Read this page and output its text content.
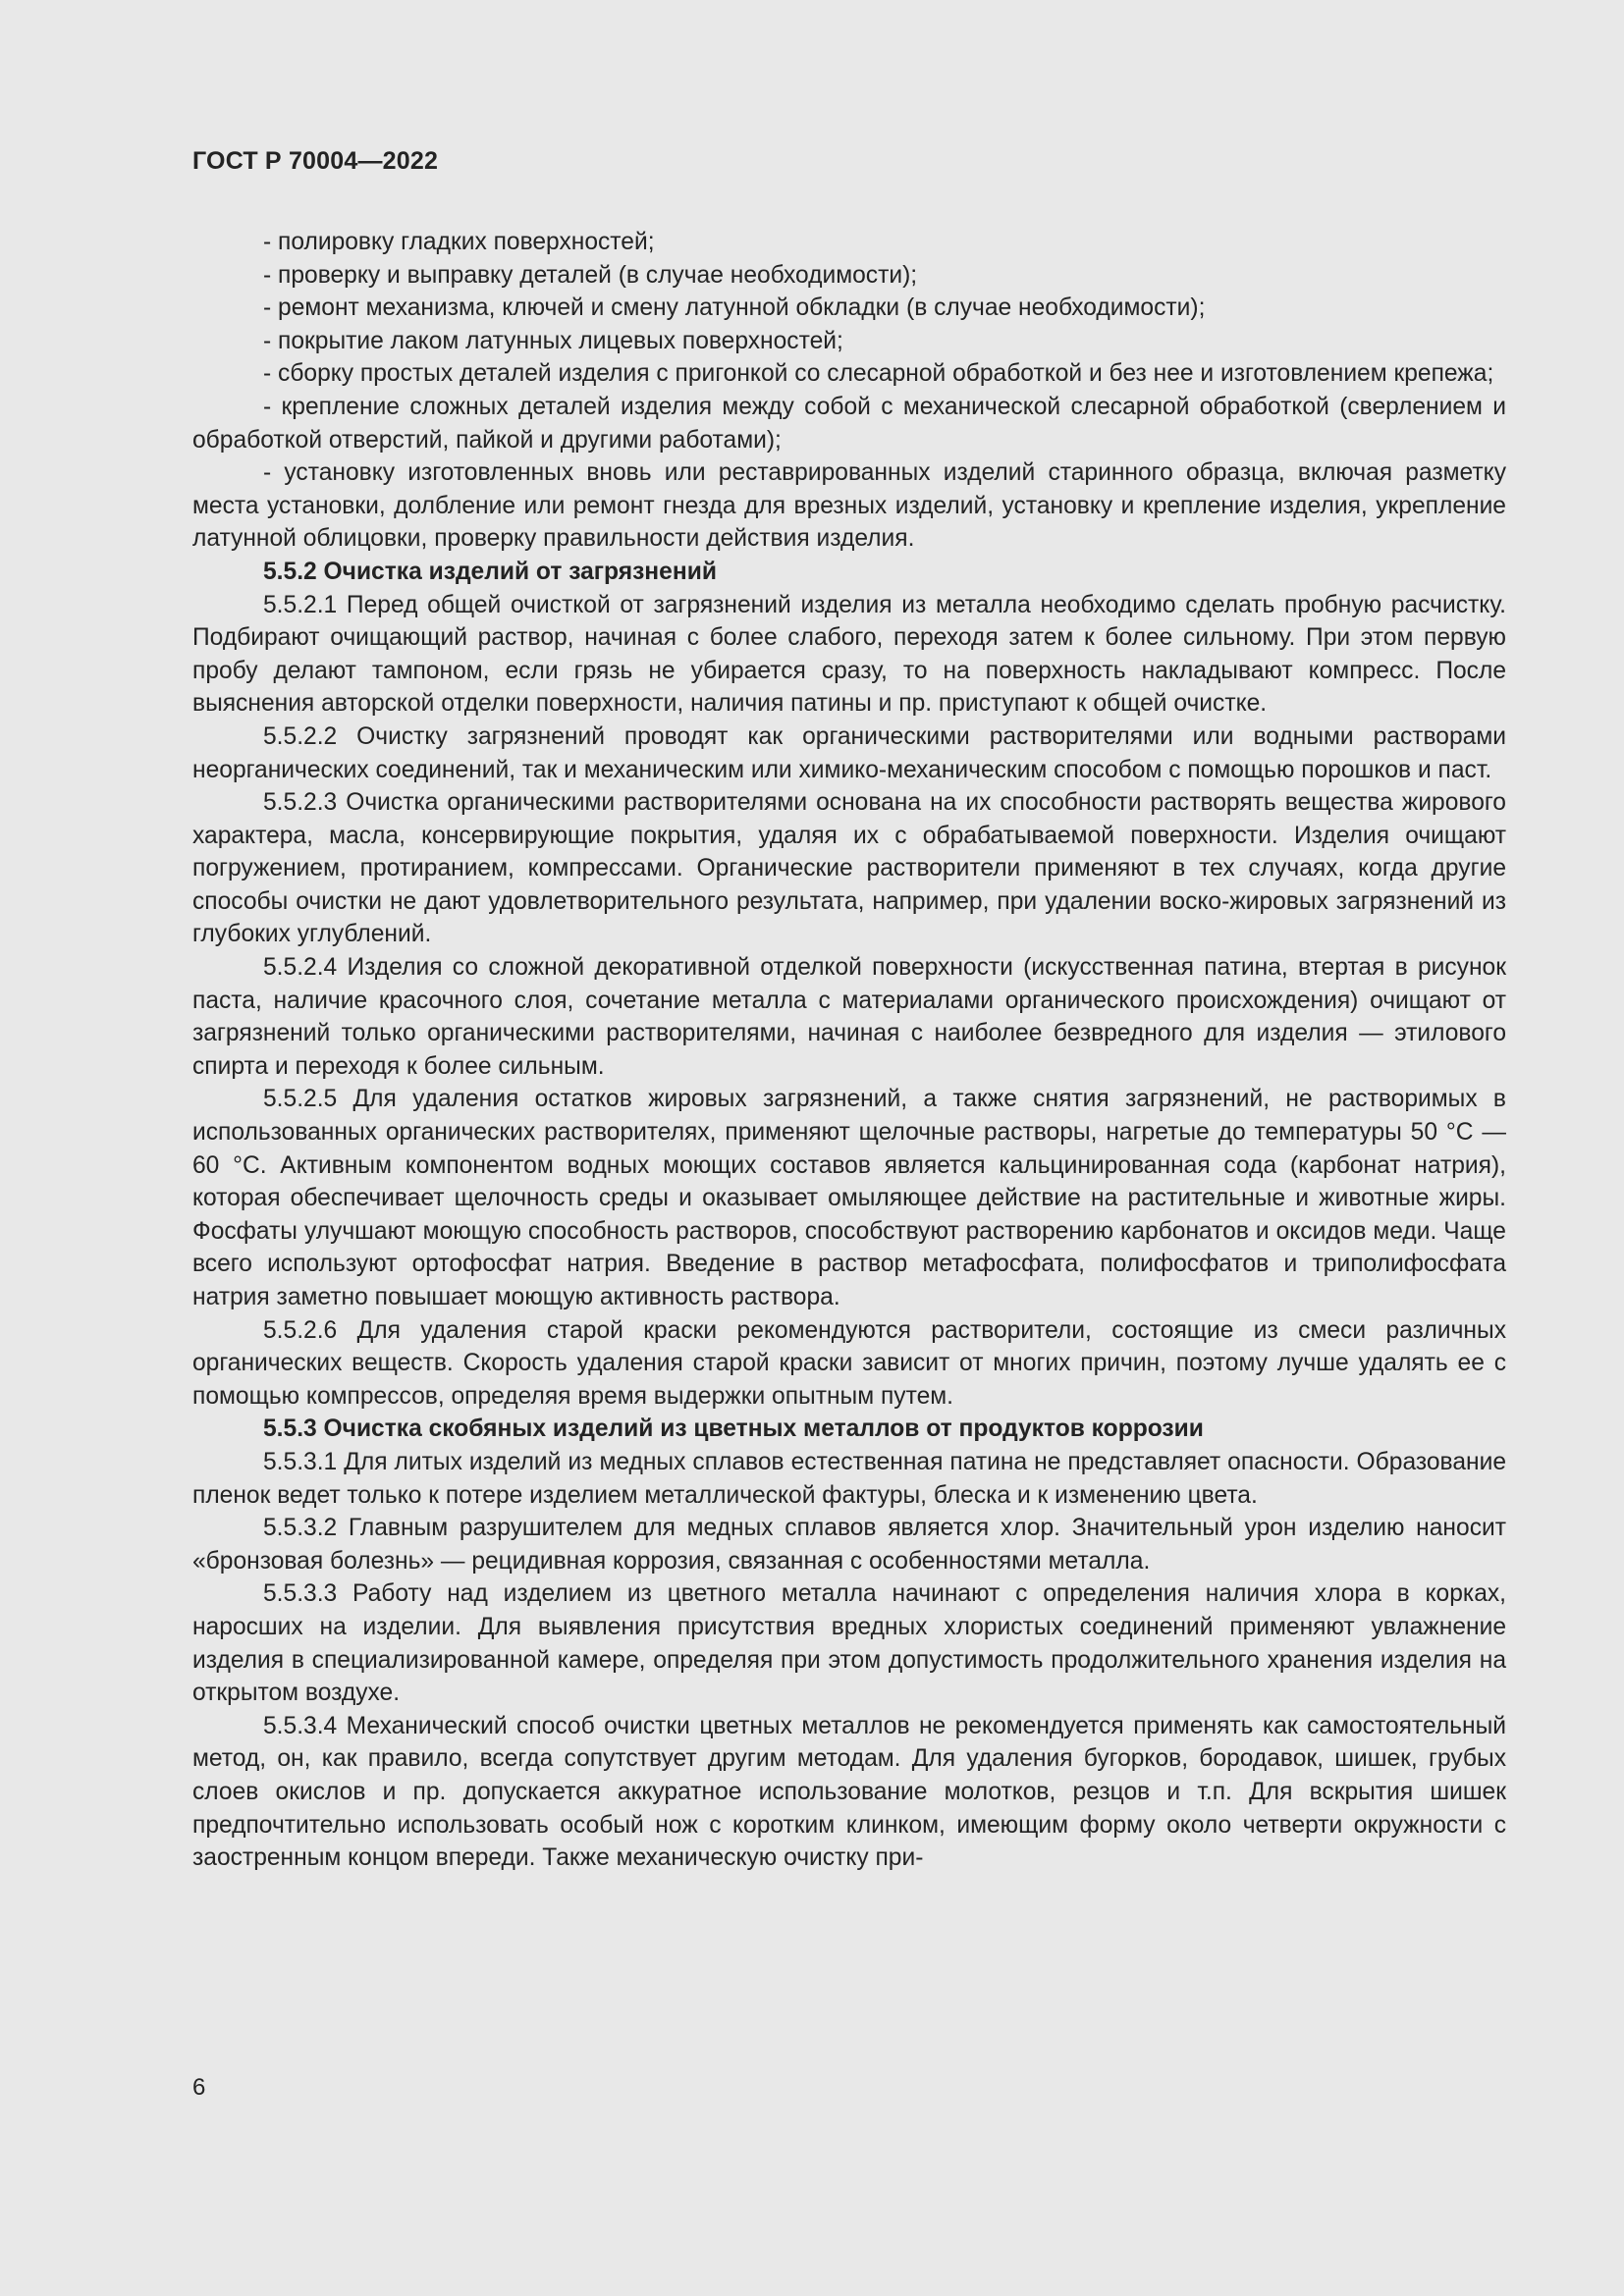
ГОСТ Р 70004—2022

- полировку гладких поверхностей;

- проверку и выправку деталей (в случае необходимости);

- ремонт механизма, ключей и смену латунной обкладки (в случае необходимости);

- покрытие лаком латунных лицевых поверхностей;

- сборку простых деталей изделия с пригонкой со слесарной обработкой и без нее и изготовлением крепежа;

- крепление сложных деталей изделия между собой с механической слесарной обработкой (сверлением и обработкой отверстий, пайкой и другими работами);

- установку изготовленных вновь или реставрированных изделий старинного образца, включая разметку места установки, долбление или ремонт гнезда для врезных изделий, установку и крепление изделия, укрепление латунной облицовки, проверку правильности действия изделия.

5.5.2 Очистка изделий от загрязнений

5.5.2.1 Перед общей очисткой от загрязнений изделия из металла необходимо сделать пробную расчистку. Подбирают очищающий раствор, начиная с более слабого, переходя затем к более сильному. При этом первую пробу делают тампоном, если грязь не убирается сразу, то на поверхность накладывают компресс. После выяснения авторской отделки поверхности, наличия патины и пр. приступают к общей очистке.

5.5.2.2 Очистку загрязнений проводят как органическими растворителями или водными растворами неорганических соединений, так и механическим или химико-механическим способом с помощью порошков и паст.

5.5.2.3 Очистка органическими растворителями основана на их способности растворять вещества жирового характера, масла, консервирующие покрытия, удаляя их с обрабатываемой поверхности. Изделия очищают погружением, протиранием, компрессами. Органические растворители применяют в тех случаях, когда другие способы очистки не дают удовлетворительного результата, например, при удалении воско-жировых загрязнений из глубоких углублений.

5.5.2.4 Изделия со сложной декоративной отделкой поверхности (искусственная патина, втертая в рисунок паста, наличие красочного слоя, сочетание металла с материалами органического происхождения) очищают от загрязнений только органическими растворителями, начиная с наиболее безвредного для изделия — этилового спирта и переходя к более сильным.

5.5.2.5 Для удаления остатков жировых загрязнений, а также снятия загрязнений, не растворимых в использованных органических растворителях, применяют щелочные растворы, нагретые до температуры 50 °С — 60 °С. Активным компонентом водных моющих составов является кальцинированная сода (карбонат натрия), которая обеспечивает щелочность среды и оказывает омыляющее действие на растительные и животные жиры. Фосфаты улучшают моющую способность растворов, способствуют растворению карбонатов и оксидов меди. Чаще всего используют ортофосфат натрия. Введение в раствор метафосфата, полифосфатов и триполифосфата натрия заметно повышает моющую активность раствора.

5.5.2.6 Для удаления старой краски рекомендуются растворители, состоящие из смеси различных органических веществ. Скорость удаления старой краски зависит от многих причин, поэтому лучше удалять ее с помощью компрессов, определяя время выдержки опытным путем.

5.5.3 Очистка скобяных изделий из цветных металлов от продуктов коррозии

5.5.3.1 Для литых изделий из медных сплавов естественная патина не представляет опасности. Образование пленок ведет только к потере изделием металлической фактуры, блеска и к изменению цвета.

5.5.3.2 Главным разрушителем для медных сплавов является хлор. Значительный урон изделию наносит «бронзовая болезнь» — рецидивная коррозия, связанная с особенностями металла.

5.5.3.3 Работу над изделием из цветного металла начинают с определения наличия хлора в корках, наросших на изделии. Для выявления присутствия вредных хлористых соединений применяют увлажнение изделия в специализированной камере, определяя при этом допустимость продолжительного хранения изделия на открытом воздухе.

5.5.3.4 Механический способ очистки цветных металлов не рекомендуется применять как самостоятельный метод, он, как правило, всегда сопутствует другим методам. Для удаления бугорков, бородавок, шишек, грубых слоев окислов и пр. допускается аккуратное использование молотков, резцов и т.п. Для вскрытия шишек предпочтительно использовать особый нож с коротким клинком, имеющим форму около четверти окружности с заостренным концом впереди. Также механическую очистку при-

6
